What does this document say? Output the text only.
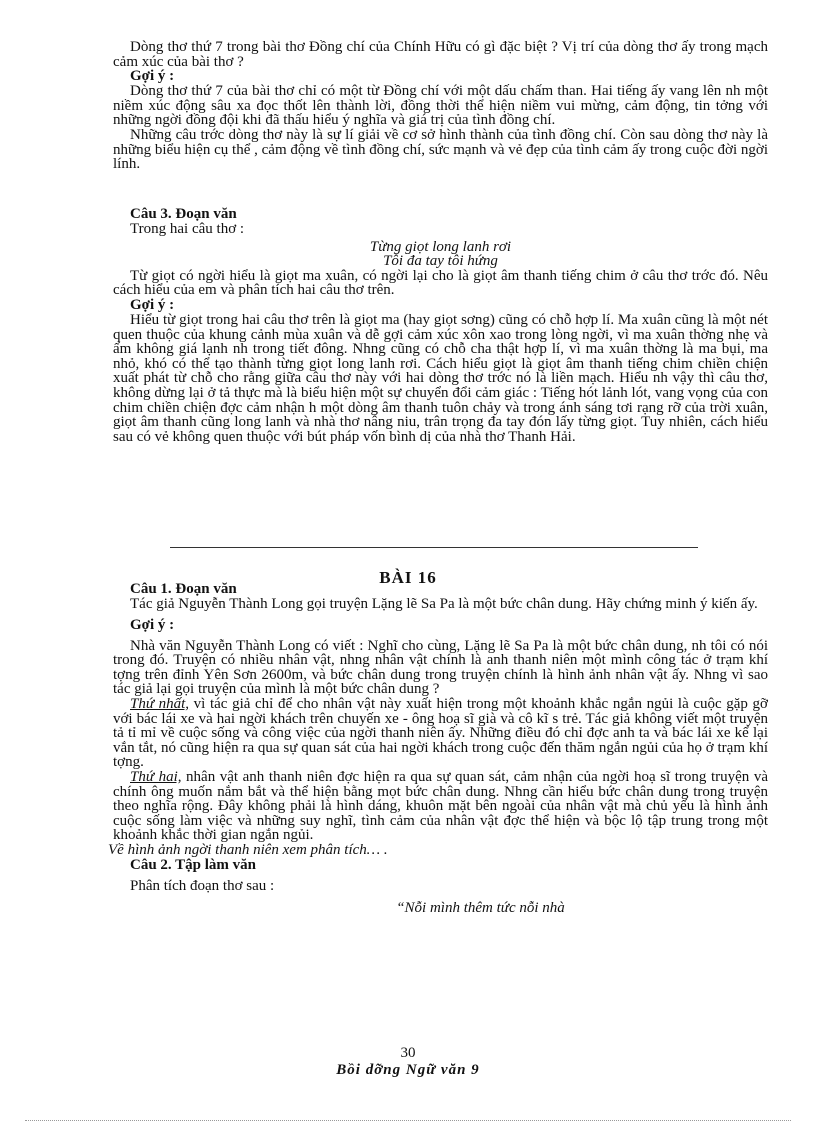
Dòng thơ thứ 7 trong bài thơ Đồng chí của Chính Hữu có gì đặc biệt ? Vị trí của dòng thơ ấy trong mạch cảm xúc của bài thơ ?

Gợi ý :

Dòng thơ thứ 7 của bài thơ chỉ có một từ Đồng chí với một dấu chấm than. Hai tiếng ấy vang lên nh một niềm xúc động sâu xa đọc thốt lên thành lời, đồng thời thể hiện niềm vui mừng, cảm động, tin tởng với những ngời đồng đội khi đã thấu hiểu ý nghĩa và giá trị của tình đồng chí.

Những câu trớc dòng thơ này là sự lí giải về cơ sở hình thành của tình đồng chí. Còn sau dòng thơ này là những biểu hiện cụ thể , cảm động về tình đồng chí, sức mạnh và vẻ đẹp của tình cảm ấy trong cuộc đời ngời lính.

Câu 3. Đoạn văn

Trong hai câu thơ :

Từng giọt long lanh rơi

Tôi đa tay tôi hứng

Từ giọt có ngời hiểu là giọt ma xuân, có ngời lại cho là giọt âm thanh tiếng chim ở câu thơ trớc đó. Nêu cách hiểu của em và phân tích hai câu thơ trên.

Gợi ý :

Hiểu từ giọt trong hai câu thơ trên là giọt ma (hay giọt sơng) cũng có chỗ hợp lí. Ma xuân cũng là một nét quen thuộc của khung cảnh mùa xuân và dễ gợi cảm xúc xôn xao trong lòng ngời, vì ma xuân thờng nhẹ và ấm không giá lạnh nh trong tiết đông. Nhng cũng có chỗ cha thật hợp lí, vì ma xuân thờng là ma bụi, ma nhỏ, khó có thể tạo thành từng giọt long lanh rơi. Cách hiểu giọt là giọt âm thanh tiếng chim chiền chiện xuất phát từ chỗ cho rằng giữa câu thơ này với hai dòng thơ trớc nó là liền mạch. Hiểu nh vậy thì câu thơ, không dừng lại ở tả thực mà là biểu hiện một sự chuyển đổi cảm giác : Tiếng hót lảnh lót, vang vọng của con chim chiền chiện đợc cảm nhận h một dòng âm thanh tuôn chảy và trong ánh sáng tơi rạng rỡ của trời xuân, giọt âm thanh cũng long lanh và nhà thơ nâng niu, trân trọng đa tay đón lấy từng giọt. Tuy nhiên, cách hiểu sau có vẻ không quen thuộc với bút pháp vốn bình dị của nhà thơ Thanh Hải.

BÀI 16

Câu 1. Đoạn văn

Tác giả Nguyễn Thành Long gọi truyện Lặng lẽ Sa Pa là một bức chân dung. Hãy chứng minh ý kiến ấy.

Gợi ý :

Nhà văn Nguyễn Thành Long có viết : Nghĩ cho cùng, Lặng lẽ Sa Pa là một bức chân dung, nh tôi có nói trong đó. Truyện có nhiều nhân vật, nhng nhân vật chính là anh thanh niên một mình công tác ở trạm khí tợng trên đỉnh Yên Sơn 2600m, và bức chân dung trong truyện chính là hình ảnh nhân vật ấy. Nhng vì sao tác giả lại gọi truyện của mình là một bức chân dung ?

Thứ nhất, vì tác giả chỉ để cho nhân vật này xuất hiện trong một khoảnh khắc ngắn ngủi là cuộc gặp gỡ với bác lái xe và hai ngời khách trên chuyến xe - ông hoạ sĩ già và cô kĩ s trẻ. Tác giả không viết một truyện tả tỉ mỉ về cuộc sống và công việc của ngời thanh niên ấy. Những điều đó chỉ đợc anh ta và bác lái xe kể lại vắn tắt, nó cũng hiện ra qua sự quan sát của hai ngời khách trong cuộc đến thăm ngắn ngủi của họ ở trạm khí tợng.

Thứ hai, nhân vật anh thanh niên đợc hiện ra qua sự quan sát, cảm nhận của ngời hoạ sĩ trong truyện và chính ông muốn nắm bắt và thể hiện bằng mọt bức chân dung. Nhng cần hiểu bức chân dung trong truyện theo nghĩa rộng. Đây không phải là hình dáng, khuôn mặt bên ngoài của nhân vật mà chủ yếu là hình ảnh cuộc sống làm việc và những suy nghĩ, tình cảm của nhân vật đợc thể hiện và bộc lộ tập trung trong một khoảnh khắc thời gian ngắn ngủi.

Về hình ảnh ngời thanh niên xem phân tích… .

Câu 2. Tập làm văn

Phân tích đoạn thơ sau :

“Nỗi mình thêm tức nỗi nhà

30
Bồi dỡng Ngữ văn 9
